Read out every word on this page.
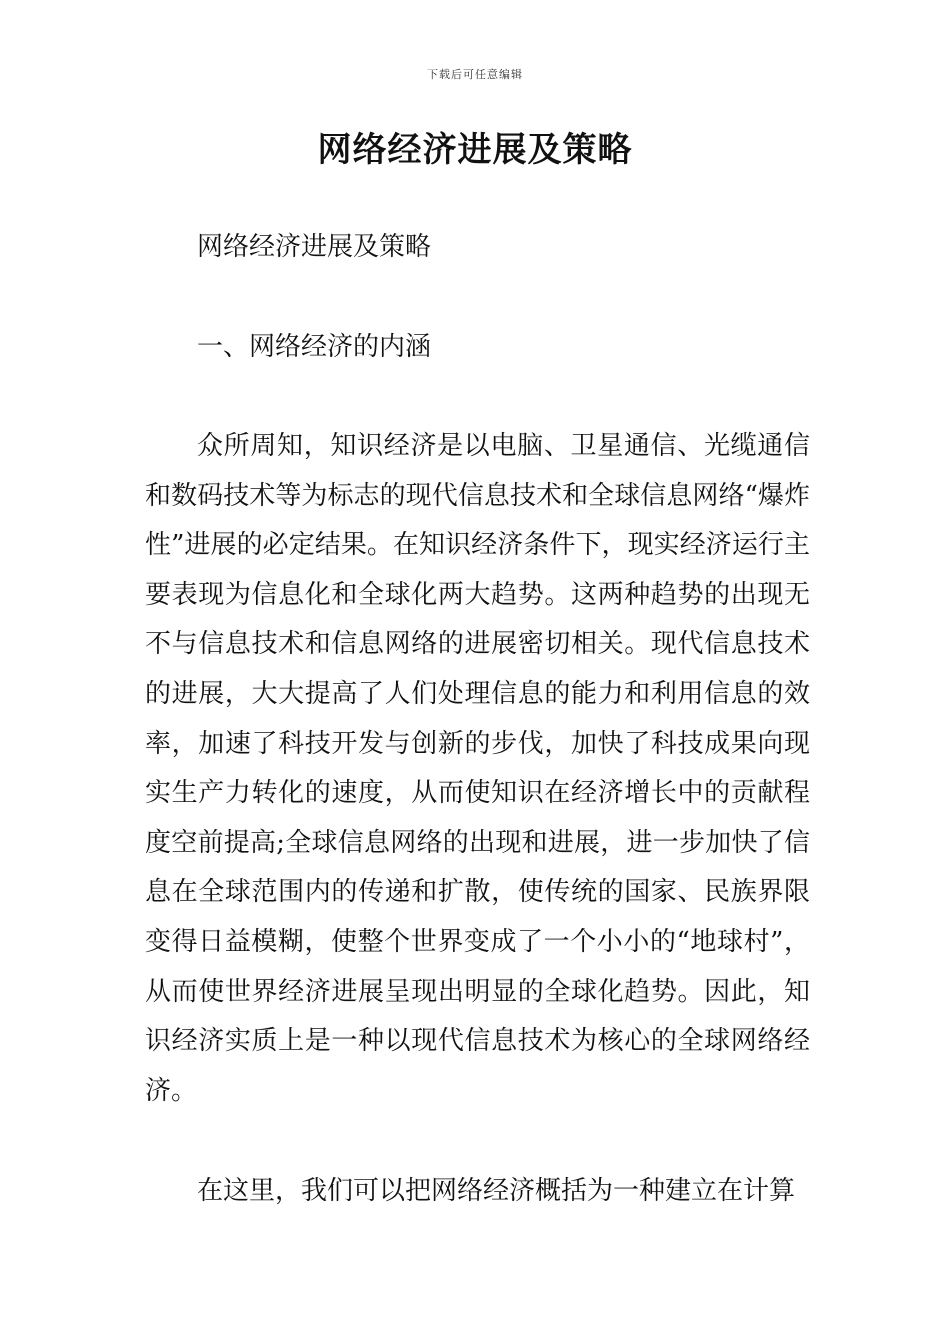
下载后可任意编辑
网络经济进展及策略

网络经济进展及策略

一、网络经济的内涵

众所周知，知识经济是以电脑、卫星通信、光缆通信和数码技术等为标志的现代信息技术和全球信息网络“爆炸性”进展的必定结果。在知识经济条件下，现实经济运行主要表现为信息化和全球化两大趋势。这两种趋势的出现无不与信息技术和信息网络的进展密切相关。现代信息技术的进展，大大提高了人们处理信息的能力和利用信息的效率，加速了科技开发与创新的步伐，加快了科技成果向现实生产力转化的速度，从而使知识在经济增长中的贡献程度空前提高;全球信息网络的出现和进展，进一步加快了信息在全球范围内的传递和扩散，使传统的国家、民族界限变得日益模糊，使整个世界变成了一个小小的“地球村”，从而使世界经济进展呈现出明显的全球化趋势。因此，知识经济实质上是一种以现代信息技术为核心的全球网络经济。

在这里，我们可以把网络经济概括为一种建立在计算
